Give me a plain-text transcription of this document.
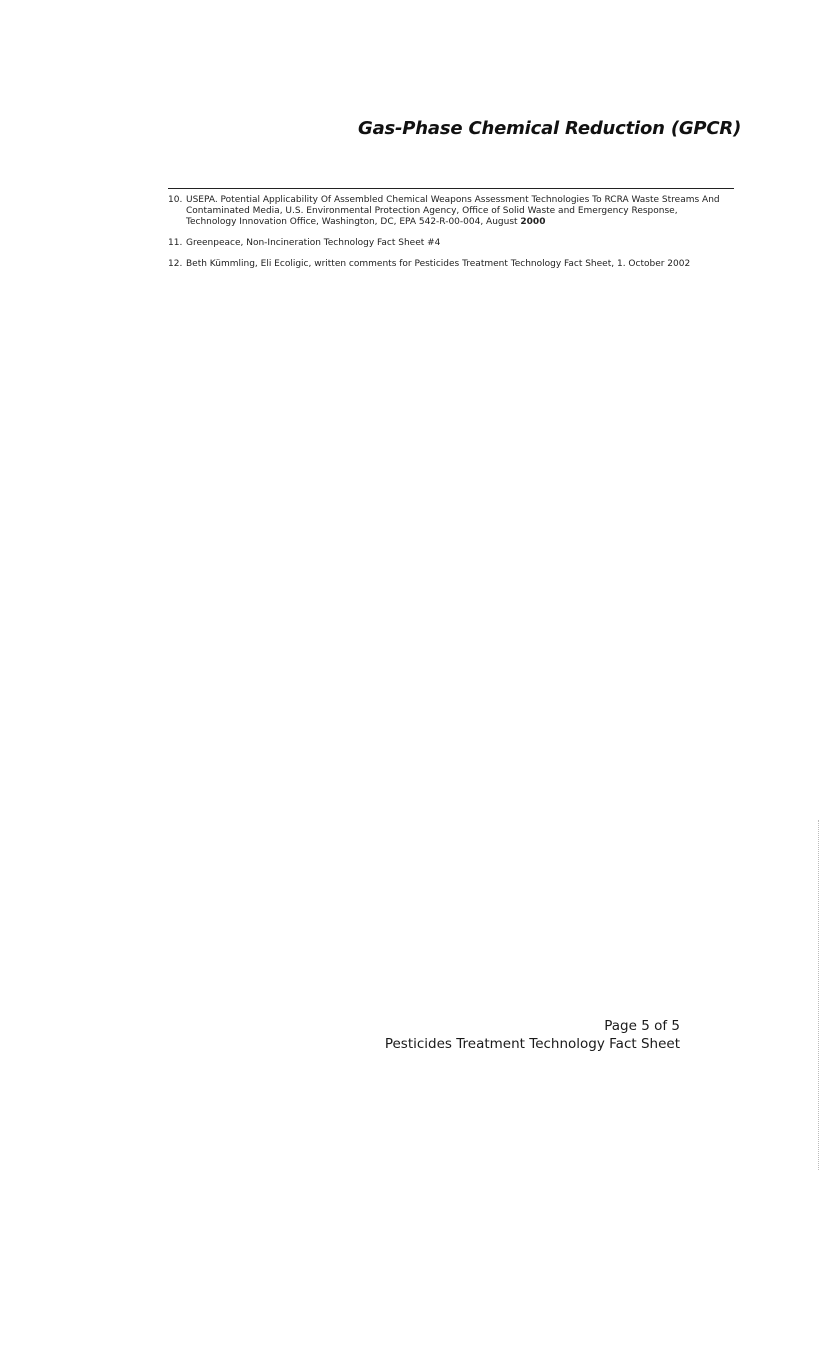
Gas-Phase Chemical Reduction (GPCR)
10. USEPA. Potential Applicability Of Assembled Chemical Weapons Assessment Technologies To RCRA Waste Streams And Contaminated Media, U.S. Environmental Protection Agency, Office of Solid Waste and Emergency Response, Technology Innovation Office, Washington, DC, EPA 542-R-00-004, August 2000
11. Greenpeace, Non-Incineration Technology Fact Sheet #4
12. Beth Kümmling, Eli Ecoligic, written comments for Pesticides Treatment Technology Fact Sheet, 1. October 2002
Page 5 of 5
Pesticides Treatment Technology Fact Sheet
